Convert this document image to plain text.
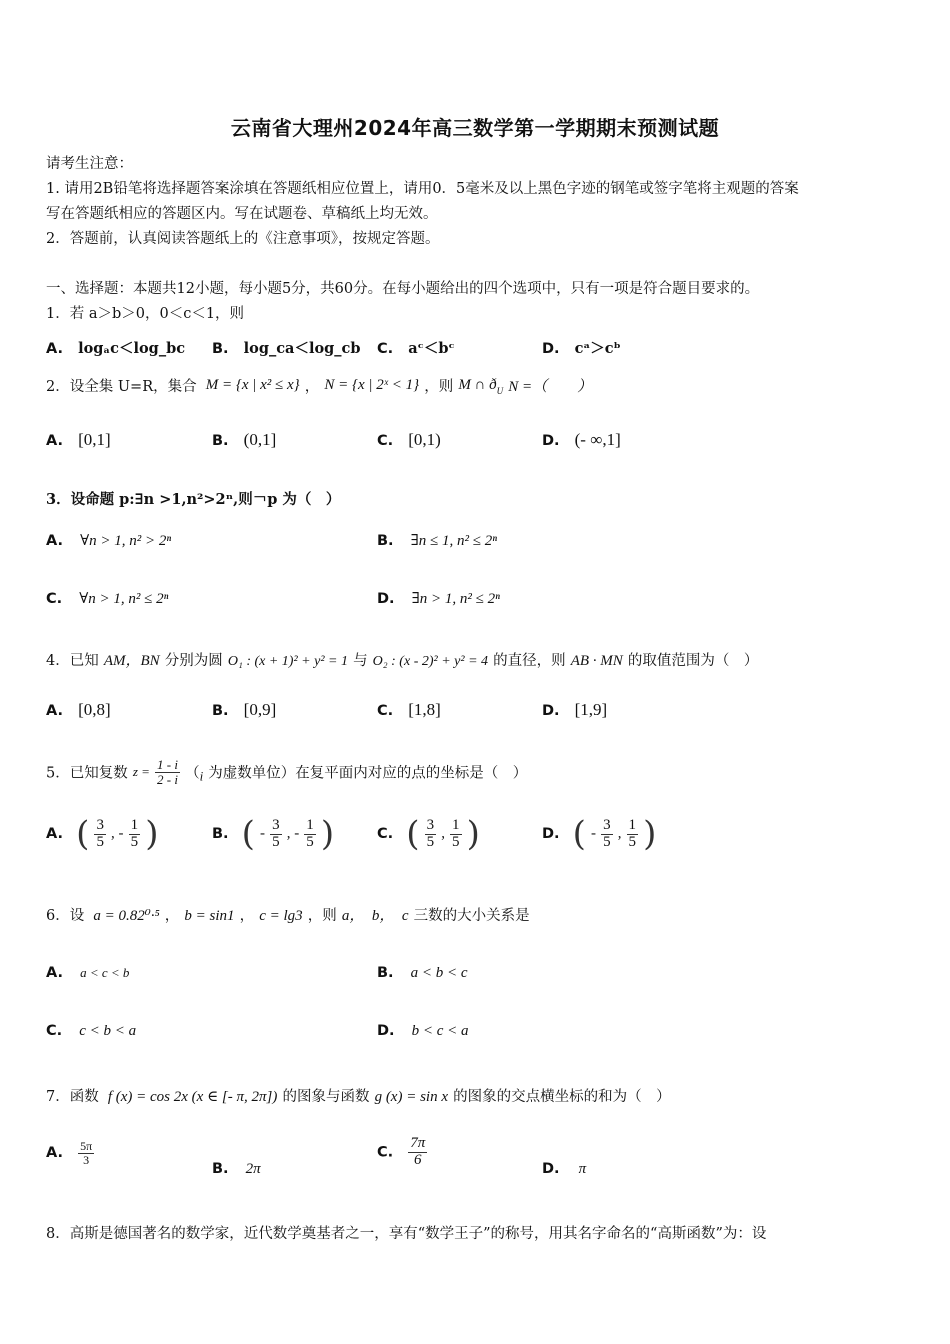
云南省大理州2024年高三数学第一学期期末预测试题
请考生注意：
1. 请用2B铅笔将选择题答案涂填在答题纸相应位置上，请用0．5毫米及以上黑色字迹的钢笔或签字笔将主观题的答案
写在答题纸相应的答题区内。写在试题卷、草稿纸上均无效。
2．答题前，认真阅读答题纸上的《注意事项》，按规定答题。
一、选择题：本题共12小题，每小题5分，共60分。在每小题给出的四个选项中，只有一项是符合题目要求的。
1．若 a＞b＞0，0＜c＜1，则
A. logₐc＜log_bc B. log_ca＜log_cb C. aᶜ＜bᶜ	D. cᵃ＞cᵇ
2．设全集 U=R，集合 M = {x | x² ≤ x} ， N = {x | 2ˣ < 1} ，则 M ∩ $ð_U$ N =（　　）
A. [0,1]	B. (0,1]	C. [0,1)	D. (- ∞,1]
3．设命题 p:∃n >1,n²>2ⁿ,则￢p 为（　）
A. ∀n > 1, n² > 2ⁿ	B. ∃n ≤ 1, n² ≤ 2ⁿ
C. ∀n > 1, n² ≤ 2ⁿ	D. ∃n > 1, n² ≤ 2ⁿ
4．已知 AM，BN 分别为圆 O₁ : (x + 1)² + y² = 1 与 O₂ : (x - 2)² + y² = 4 的直径，则 AB · MN 的取值范围为（　）
A. [0,8]	B. [0,9]	C. [1,8]	D. [1,9]
5．已知复数 $z = \frac{1 - i}{2 - i} (_i$ 为虚数单位）在复平面内对应的点的坐标是（　）
A. ( $\frac{3}{5}$ , - $\frac{1}{5}$ )	B. ( - $\frac{3}{5}$ , - $\frac{1}{5}$ )	C. ( $\frac{3}{5}$ , $\frac{1}{5}$ )	D. ( - $\frac{3}{5}$ , $\frac{1}{5}$ )
6．设 a = 0.82⁰·⁵ ， b = sin1 ， c = lg3 ，则 a，　b，　c 三数的大小关系是
A. a < c < b	B. a < b < c
C. c < b < a	D. b < c < a
7．函数 f (x) = cos 2x (x ∈ [- π, 2π]) 的图象与函数 g (x) = sin x 的图象的交点横坐标的和为（　）
A. $\frac{5\pi}{3}$
B. 2π
C. $\frac{7\pi}{6}$
D. π
8．高斯是德国著名的数学家，近代数学奠基者之一，享有“数学王子”的称号，用其名字命名的“高斯函数”为：设
